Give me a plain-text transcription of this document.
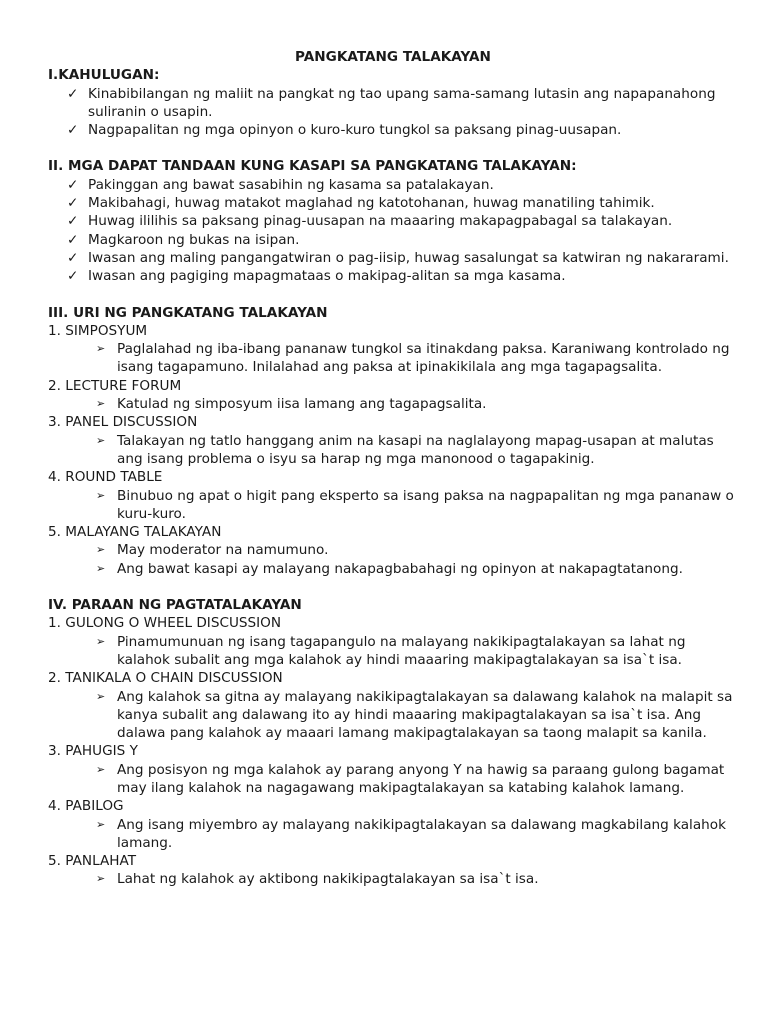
PANGKATANG TALAKAYAN
I.KAHULUGAN:
✓ Kinabibilangan ng maliit na pangkat ng tao upang sama-samang lutasin ang napapanahong suliranin o usapin.
✓ Nagpapalitan ng mga opinyon o kuro-kuro tungkol sa paksang pinag-uusapan.
II. MGA DAPAT TANDAAN KUNG KASAPI SA PANGKATANG TALAKAYAN:
✓ Pakinggan ang bawat sasabihin ng kasama sa patalakayan.
✓ Makibahagi, huwag matakot maglahad ng katotohanan, huwag manatiling tahimik.
✓ Huwag ililihis sa paksang pinag-uusapan na maaaring makapagpabagal sa talakayan.
✓ Magkaroon ng bukas na isipan.
✓ Iwasan ang maling pangangatwiran o pag-iisip, huwag sasalungat sa katwiran ng nakararami.
✓ Iwasan ang pagiging mapagmataas o makipag-alitan sa mga kasama.
III. URI NG PANGKATANG TALAKAYAN
1. SIMPOSYUM
➢ Paglalahad ng iba-ibang pananaw tungkol sa itinakdang paksa. Karaniwang kontrolado ng isang tagapamuno. Inilalahad ang paksa at ipinakikilala ang mga tagapagsalita.
2. LECTURE FORUM
➢ Katulad ng simposyum iisa lamang ang tagapagsalita.
3. PANEL DISCUSSION
➢ Talakayan ng tatlo hanggang anim na kasapi na naglalayong mapag-usapan at malutas ang isang problema o isyu sa harap ng mga manonood o tagapakinig.
4. ROUND TABLE
➢ Binubuo ng apat o higit pang eksperto sa isang paksa na nagpapalitan ng mga pananaw o kuru-kuro.
5. MALAYANG TALAKAYAN
➢ May moderator na namumuno.
➢ Ang bawat kasapi ay malayang nakapagbabahagi ng opinyon at nakapagtatanong.
IV. PARAAN NG PAGTATALAKAYAN
1. GULONG O WHEEL DISCUSSION
➢ Pinamumunuan ng isang tagapangulo na malayang nakikipagtalakayan sa lahat ng kalahok subalit ang mga kalahok ay hindi maaaring makipagtalakayan sa isa`t isa.
2. TANIKALA O CHAIN DISCUSSION
➢ Ang kalahok sa gitna ay malayang nakikipagtalakayan sa dalawang kalahok na malapit sa kanya subalit ang dalawang ito ay hindi maaaring makipagtalakayan sa isa`t isa. Ang dalawa pang kalahok ay maaari lamang makipagtalakayan sa taong malapit sa kanila.
3. PAHUGIS Y
➢ Ang posisyon ng mga kalahok ay parang anyong Y na hawig sa paraang gulong bagamat may ilang kalahok na nagagawang makipagtalakayan sa katabing kalahok lamang.
4. PABILOG
➢ Ang isang miyembro ay malayang nakikipagtalakayan sa dalawang magkabilang kalahok lamang.
5. PANLAHAT
➢ Lahat ng kalahok ay aktibong nakikipagtalakayan sa isa`t isa.
